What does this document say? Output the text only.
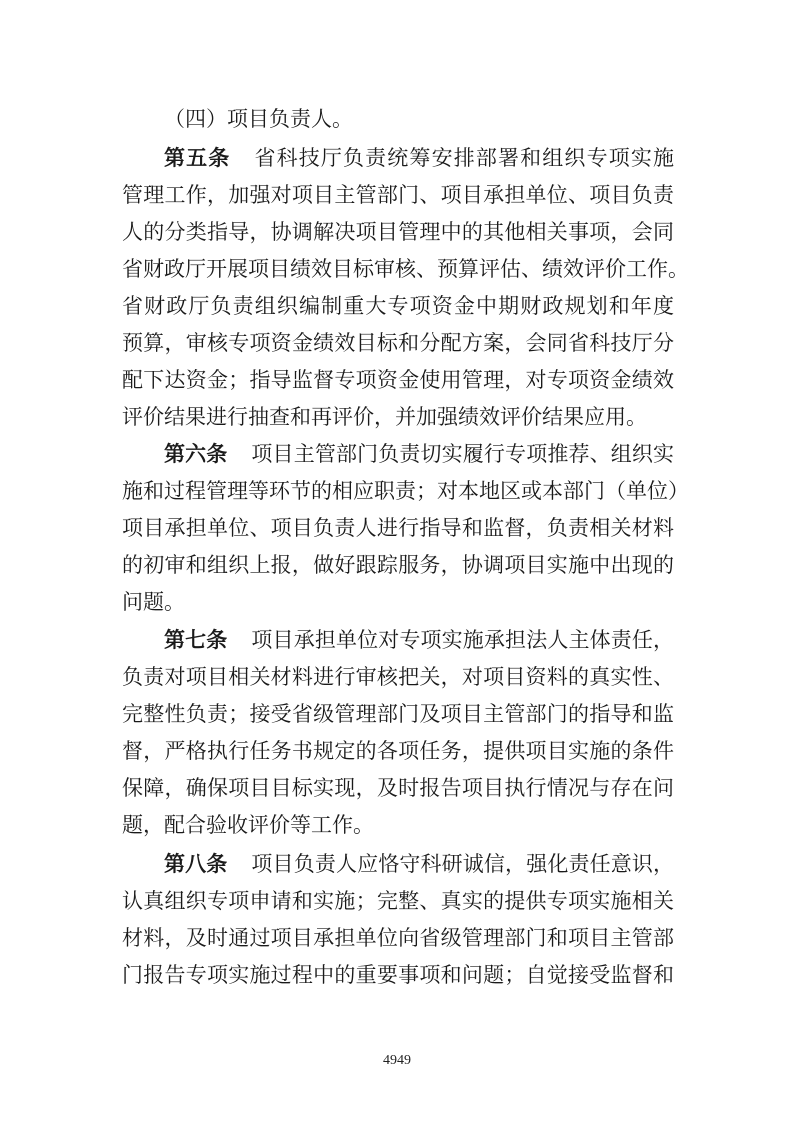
（四）项目负责人。
第五条 省科技厅负责统筹安排部署和组织专项实施
管理工作，加强对项目主管部门、项目承担单位、项目负责
人的分类指导，协调解决项目管理中的其他相关事项，会同
省财政厅开展项目绩效目标审核、预算评估、绩效评价工作。
省财政厅负责组织编制重大专项资金中期财政规划和年度
预算，审核专项资金绩效目标和分配方案，会同省科技厅分
配下达资金；指导监督专项资金使用管理，对专项资金绩效
评价结果进行抽查和再评价，并加强绩效评价结果应用。
第六条 项目主管部门负责切实履行专项推荐、组织实
施和过程管理等环节的相应职责；对本地区或本部门（单位）
项目承担单位、项目负责人进行指导和监督，负责相关材料
的初审和组织上报，做好跟踪服务，协调项目实施中出现的
问题。
第七条 项目承担单位对专项实施承担法人主体责任，
负责对项目相关材料进行审核把关，对项目资料的真实性、
完整性负责；接受省级管理部门及项目主管部门的指导和监
督，严格执行任务书规定的各项任务，提供项目实施的条件
保障，确保项目目标实现，及时报告项目执行情况与存在问
题，配合验收评价等工作。
第八条 项目负责人应恪守科研诚信，强化责任意识，
认真组织专项申请和实施；完整、真实的提供专项实施相关
材料，及时通过项目承担单位向省级管理部门和项目主管部
门报告专项实施过程中的重要事项和问题；自觉接受监督和
4949
